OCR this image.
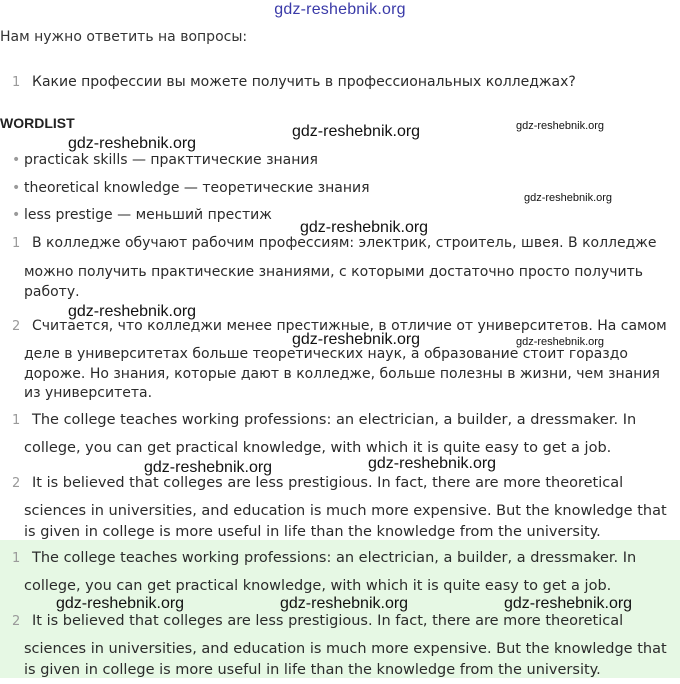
gdz-reshebnik.org
Нам нужно ответить на вопросы:
1 Какие профессии вы можете получить в профессиональных колледжах?
WORDLIST
• practicak skills — практтические знания
• theoretical knowledge — теоретические знания
• less prestige — меньший престиж
1 В колледже обучают рабочим профессиям: электрик, строитель, швея. В колледже
можно получить практические знаниями, с которыми достаточно просто получить
работу.
2 Считается, что колледжи менее престижные, в отличие от университетов. На самом
деле в университетах больше теоретических наук, а образование стоит гораздо
дороже. Но знания, которые дают в колледже, больше полезны в жизни, чем знания
из университета.
1 The college teaches working professions: an electrician, a builder, a dressmaker. In
college, you can get practical knowledge, with which it is quite easy to get a job.
2 It is believed that colleges are less prestigious. In fact, there are more theoretical
sciences in universities, and education is much more expensive. But the knowledge that
is given in college is more useful in life than the knowledge from the university.
1 The college teaches working professions: an electrician, a builder, a dressmaker. In
college, you can get practical knowledge, with which it is quite easy to get a job.
2 It is believed that colleges are less prestigious. In fact, there are more theoretical
sciences in universities, and education is much more expensive. But the knowledge that
is given in college is more useful in life than the knowledge from the university.
gdz-reshebnik.org
gdz-reshebnik.org	gdz-reshebnik.org
gdz-reshebnik.org
gdz-reshebnik.org
gdz-reshebnik.org
gdz-reshebnik.org	gdz-reshebnik.org
gdz-reshebnik.org	gdz-reshebnik.org
gdz-reshebnik.org	gdz-reshebnik.org	gdz-reshebnik.org
